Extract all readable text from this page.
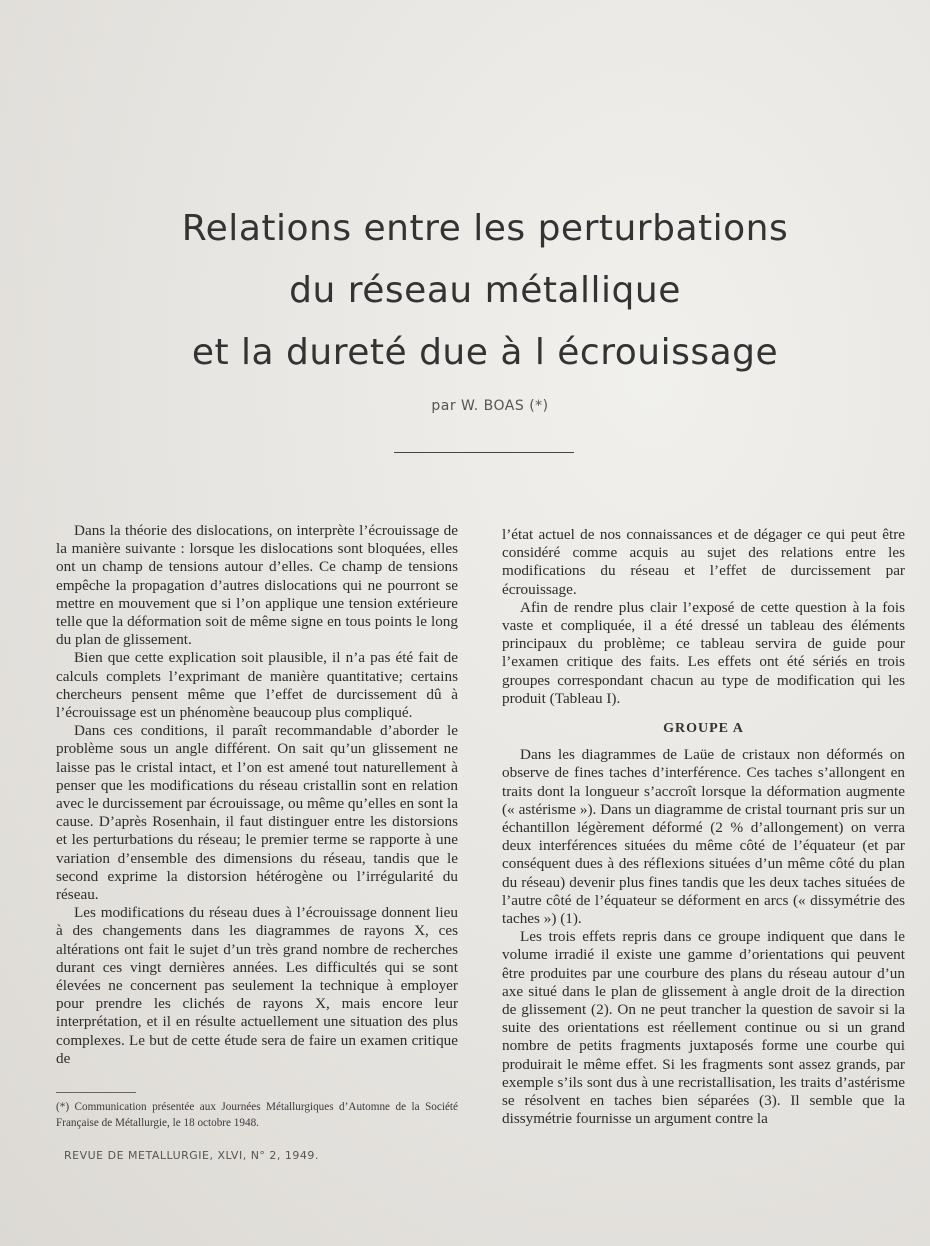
Relations entre les perturbations
du réseau métallique
et la dureté due à l écrouissage
par W. BOAS (*)

Dans la théorie des dislocations, on interprète l’écrouissage de la manière suivante : lorsque les dislocations sont bloquées, elles ont un champ de tensions autour d’elles. Ce champ de tensions empêche la propagation d’autres dislocations qui ne pourront se mettre en mouvement que si l’on applique une tension extérieure telle que la déformation soit de même signe en tous points le long du plan de glissement.

Bien que cette explication soit plausible, il n’a pas été fait de calculs complets l’exprimant de manière quantitative; certains chercheurs pensent même que l’effet de durcissement dû à l’écrouissage est un phénomène beaucoup plus compliqué.

Dans ces conditions, il paraît recommandable d’aborder le problème sous un angle différent. On sait qu’un glissement ne laisse pas le cristal intact, et l’on est amené tout naturellement à penser que les modifications du réseau cristallin sont en relation avec le durcissement par écrouissage, ou même qu’elles en sont la cause. D’après Rosenhain, il faut distinguer entre les distorsions et les perturbations du réseau; le premier terme se rapporte à une variation d’ensemble des dimensions du réseau, tandis que le second exprime la distorsion hétérogène ou l’irrégularité du réseau.

Les modifications du réseau dues à l’écrouissage donnent lieu à des changements dans les diagrammes de rayons X, ces altérations ont fait le sujet d’un très grand nombre de recherches durant ces vingt dernières années. Les difficultés qui se sont élevées ne concernent pas seulement la technique à employer pour prendre les clichés de rayons X, mais encore leur interprétation, et il en résulte actuellement une situation des plus complexes. Le but de cette étude sera de faire un examen critique de

l’état actuel de nos connaissances et de dégager ce qui peut être considéré comme acquis au sujet des relations entre les modifications du réseau et l’effet de durcissement par écrouissage.

Afin de rendre plus clair l’exposé de cette question à la fois vaste et compliquée, il a été dressé un tableau des éléments principaux du problème; ce tableau servira de guide pour l’examen critique des faits. Les effets ont été sériés en trois groupes correspondant chacun au type de modification qui les produit (Tableau I).

GROUPE A

Dans les diagrammes de Laüe de cristaux non déformés on observe de fines taches d’interférence. Ces taches s’allongent en traits dont la longueur s’accroît lorsque la déformation augmente (« astérisme »). Dans un diagramme de cristal tournant pris sur un échantillon légèrement déformé (2 % d’allongement) on verra deux interférences situées du même côté de l’équateur (et par conséquent dues à des réflexions situées d’un même côté du plan du réseau) devenir plus fines tandis que les deux taches situées de l’autre côté de l’équateur se déforment en arcs (« dissymétrie des taches ») (1).

Les trois effets repris dans ce groupe indiquent que dans le volume irradié il existe une gamme d’orientations qui peuvent être produites par une courbure des plans du réseau autour d’un axe situé dans le plan de glissement à angle droit de la direction de glissement (2). On ne peut trancher la question de savoir si la suite des orientations est réellement continue ou si un grand nombre de petits fragments juxtaposés forme une courbe qui produirait le même effet. Si les fragments sont assez grands, par exemple s’ils sont dus à une recristallisation, les traits d’astérisme se résolvent en taches bien séparées (3). Il semble que la dissymétrie fournisse un argument contre la

(*) Communication présentée aux Journées Métallurgiques d’Automne de la Société Française de Métallurgie, le 18 octobre 1948.
REVUE DE METALLURGIE, XLVI, N° 2, 1949.
